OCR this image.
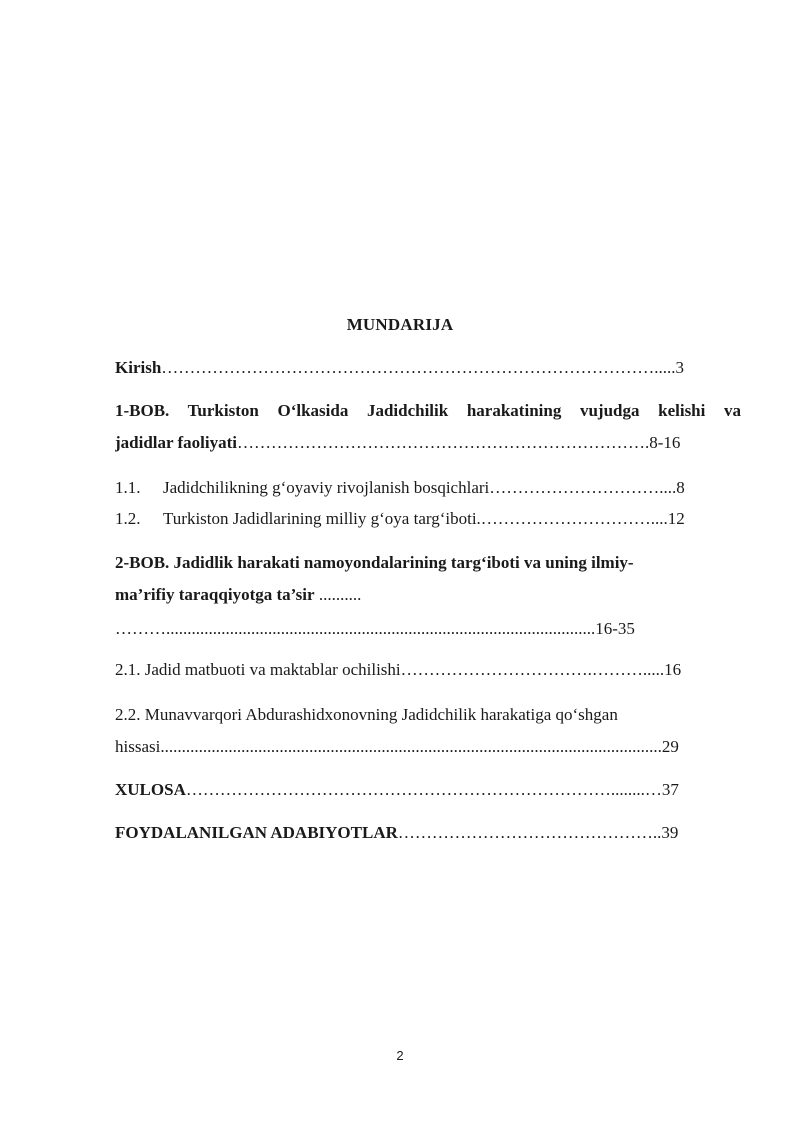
MUNDARIJA
Kirish…………………………………………………………………………….....3
1-BOB. Turkiston O‘lkasida Jadidchilik harakatining vujudga kelishi va
jadidlar faoliyati……………………………………………………………….8-16
1.1. Jadidchilikning g‘oyaviy rivojlanish bosqichlari…………………………....8
1.2. Turkiston Jadidlarining milliy g‘oya targ‘iboti.…………………………....12
2-BOB. Jadidlik harakati namoyondalarining targ‘iboti va uning ilmiy-
ma’rifiy taraqqiyotga ta’sir ..........
……….....................................................................................................16-35
2.1. Jadid matbuoti va maktablar ochilishi…………………………….……….....16
2.2. Munavvarqori Abdurashidxonovning Jadidchilik harakatiga qo‘shgan
hissasi......................................................................................................................29
XULOSA…………………………………………………………………........…37
FOYDALANILGAN ADABIYOTLAR………………………………………..39
2
